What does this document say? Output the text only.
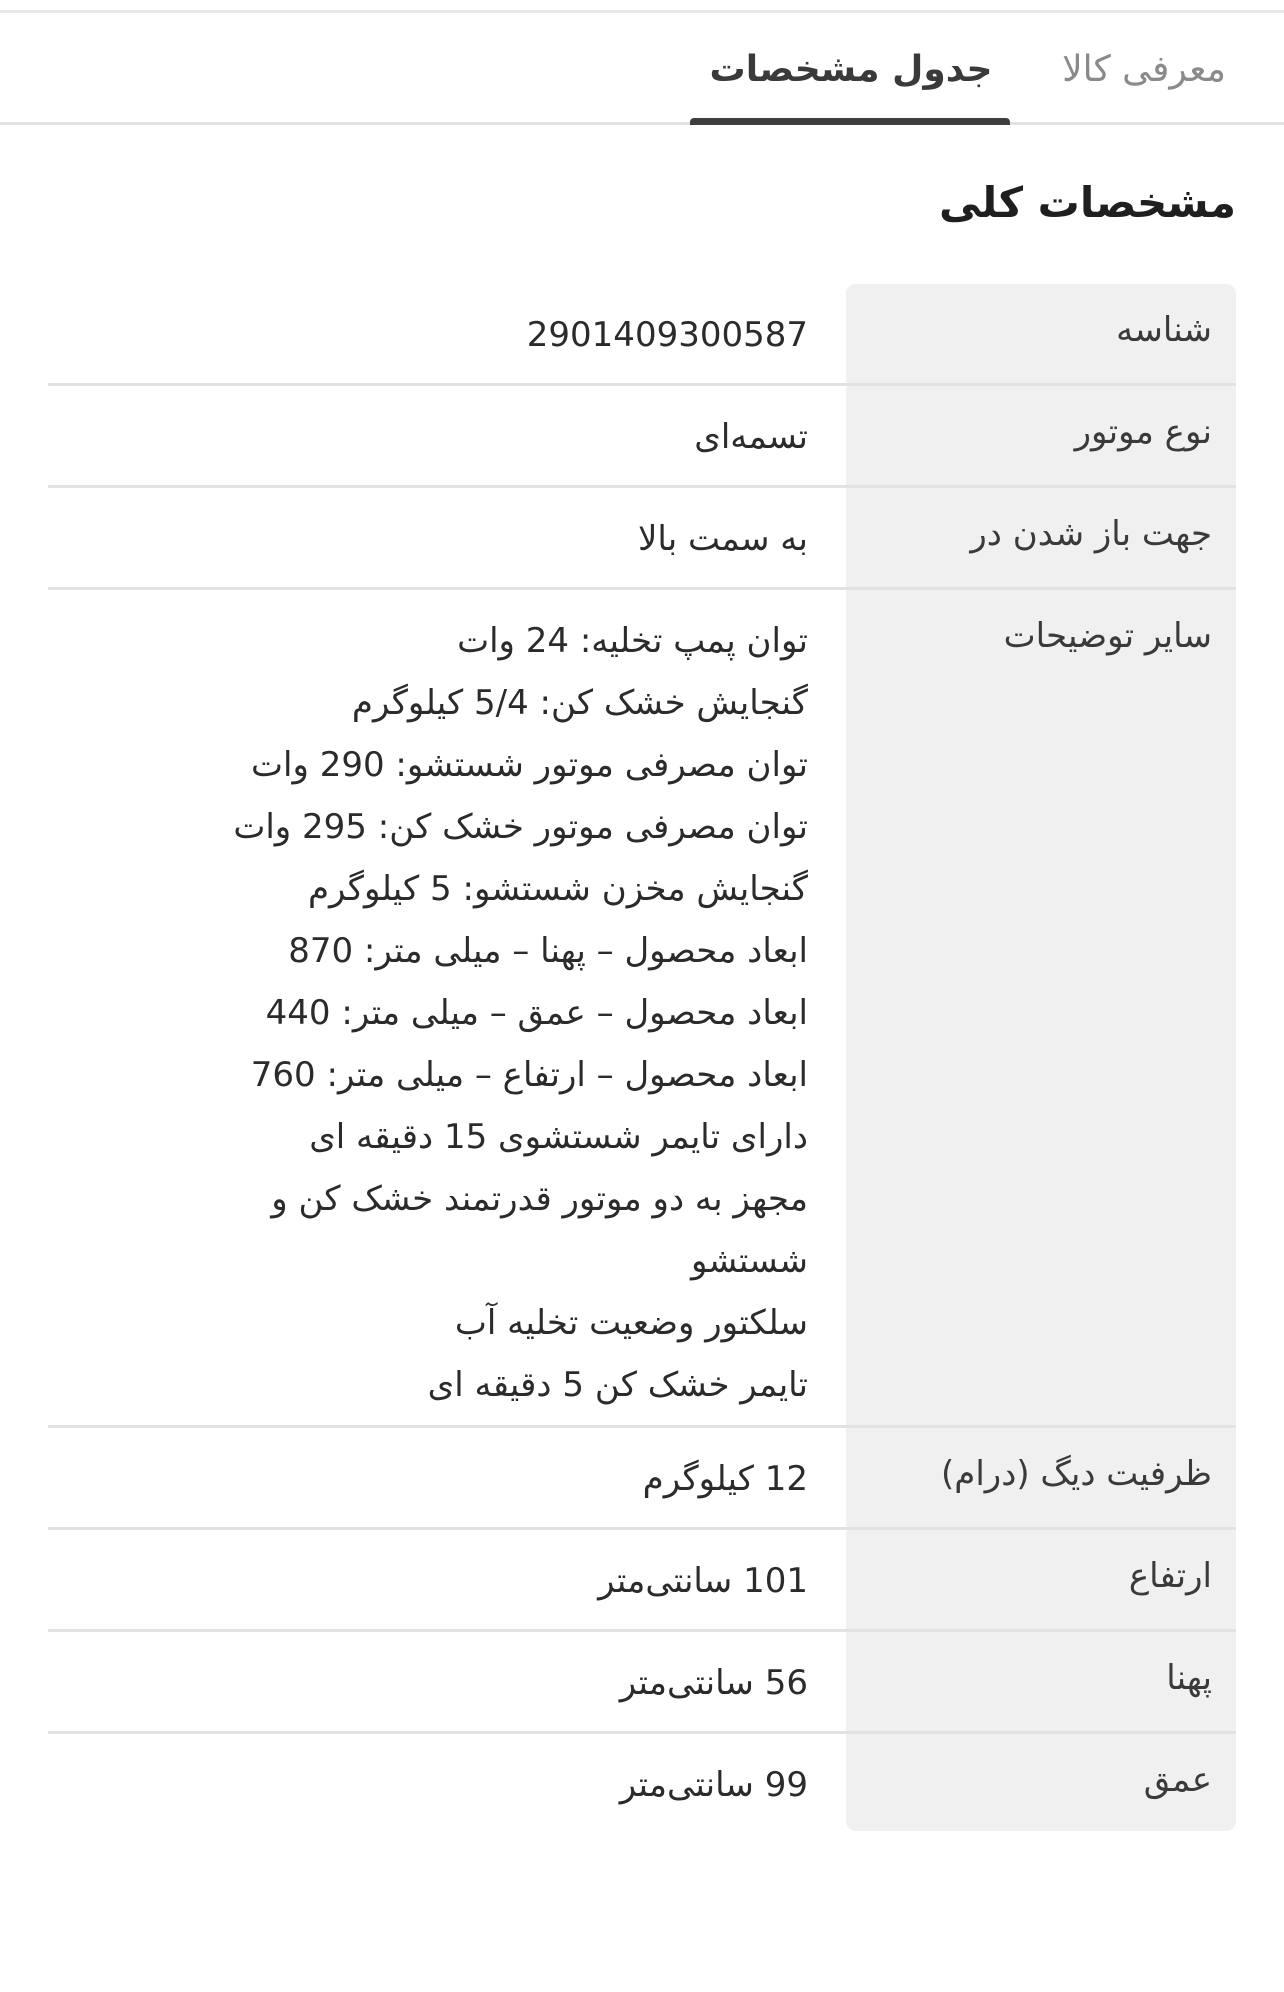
معرفی کالا
جدول مشخصات
مشخصات کلی
شناسه
2901409300587
نوع موتور
تسمه‌ای
جهت باز شدن در
به سمت بالا
سایر توضیحات
توان پمپ تخلیه: 24 وات
گنجایش خشک کن: 5/4 کیلوگرم
توان مصرفی موتور شستشو: 290 وات
توان مصرفی موتور خشک کن: 295 وات
گنجایش مخزن شستشو: 5 کیلوگرم
ابعاد محصول – پهنا – میلی متر: 870
ابعاد محصول – عمق – میلی متر: 440
ابعاد محصول – ارتفاع – میلی متر: 760
دارای تایمر شستشوی 15 دقیقه ای
مجهز به دو موتور قدرتمند خشک کن و
شستشو
سلکتور وضعیت تخلیه آب
تایمر خشک کن 5 دقیقه ای
ظرفیت دیگ (درام)
12 کیلوگرم
ارتفاع
101 سانتی‌متر
پهنا
56 سانتی‌متر
عمق
99 سانتی‌متر
